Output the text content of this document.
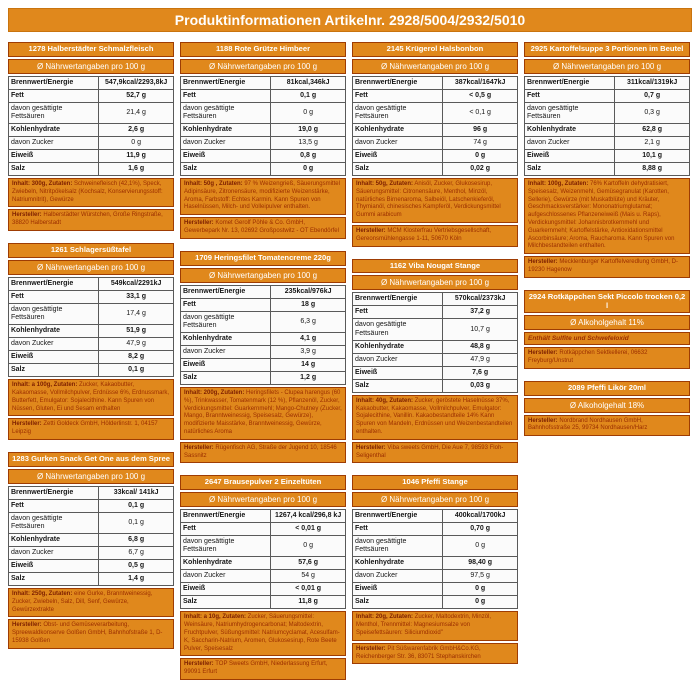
Produktinformationen Artikelnr. 2928/5004/2932/5010
1278 Halberstädter Schmalzfleisch
Ø Nährwertangaben pro 100 g
Brennwert/Energie	547,9kcal/2293,8kJ
Fett	52,7 g
davon gesättigte Fettsäuren	21,4 g
Kohlenhydrate	2,6 g
davon Zucker	0 g
Eiweiß	11,9 g
Salz	1,6 g
Inhalt: 300g, Zutaten: Schweinefleisch (42,1%), Speck, Zwiebeln, Nitritpökelsalz (Kochsalz, Konservierungsstoff: Natriumnitrit), Gewürze
Hersteller: Halberstädter Würstchen, Große Ringstraße, 38820 Halberstadt
1261 Schlagersüßtafel
Ø Nährwertangaben pro 100 g
Brennwert/Energie	549kcal/2291kJ
Fett	33,1 g
davon gesättigte Fettsäuren	17,4 g
Kohlenhydrate	51,9 g
davon Zucker	47,9 g
Eiweiß	8,2 g
Salz	0,1 g
Inhalt: a 100g, Zutaten: Zucker, Kakaobutter, Kakaomasse, Vollmilchpulver, Erdnüsse 6%, Erdnussmark, Butterfett, Emulgator: Sojalecithine. Kann Spuren von Nüssen, Gluten, Ei und Sesam enthalten
Hersteller: Zetti Goldeck GmbH, Hölderlinstr. 1, 04157 Leipzig
1283 Gurken Snack Get One aus dem Spree
Ø Nährwertangaben pro 100 g
Brennwert/Energie	33kcal/ 141kJ
Fett	0,1 g
davon gesättigte Fettsäuren	0,1 g
Kohlenhydrate	6,8 g
davon Zucker	6,7 g
Eiweiß	0,5 g
Salz	1,4 g
Inhalt: 250g, Zutaten: eine Gurke, Branntweinessig, Zucker, Zwiebeln, Salz, Dill, Senf, Gewürze, Gewürzextrakte
Hersteller: Obst- und Gemüseverarbeitung, Spreewaldkonserve Golßen GmbH, Bahnhofstraße 1, D-15938 Golßen
1188 Rote Grütze Himbeer
Ø Nährwertangaben pro 100 g
Brennwert/Energie	81kcal,346kJ
Fett	0,1 g
davon gesättigte Fettsäuren	0 g
Kohlenhydrate	19,0 g
davon Zucker	13,5 g
Eiweiß	0,8 g
Salz	0 g
Inhalt: 50g , Zutaten: 97 % Weizengrieß, Säuerungsmittel Adipinsäure, Zitronensäure, modifizierte Weizenstärke, Aroma, Farbstoff: Echtes Karmin. Kann Spuren von Haselnüssen, Milch- und Volleipulver enthalten.
Hersteller: Komet Gerolf Pöhle & Co. GmbH, Gewerbepark Nr. 13, 02692 Großpostwitz - OT Ebendörfel
1709 Heringsfilet Tomatencreme 220g
Ø Nährwertangaben pro 100 g
Brennwert/Energie	235kcal/976kJ
Fett	18 g
davon gesättigte Fettsäuren	6,3 g
Kohlenhydrate	4,1 g
davon Zucker	3,9 g
Eiweiß	14 g
Salz	1,2 g
Inhalt: 200g, Zutaten: Heringsfilets - Clupea harengus (60 %), Trinkwasser, Tomatenmark (12 %), Pflanzenöl, Zucker, Verdickungsmittel: Guarkernmehl; Mango-Chutney (Zucker, Mango, Branntweinessig, Speisesalz, Gewürze), modifizierte Maisstärke, Branntweinessig, Gewürze, natürliches Aroma
Hersteller: Rügenfisch AG, Straße der Jugend 10, 18546 Sassnitz
2647 Brausepulver 2 Einzeltüten
Ø Nährwertangaben pro 100 g
Brennwert/Energie	1267,4 kcal/296,8 kJ
Fett	< 0,01 g
davon gesättigte Fettsäuren	0 g
Kohlenhydrate	57,6 g
davon Zucker	54 g
Eiweiß	< 0,01 g
Salz	11,8 g
Inhalt: a 10g, Zutaten: Zucker, Säuerungsmittel: Weinsäure, Natriumhydrogencarbonat; Maltodextrin, Fruchtpulver, Süßungsmittel: Natriumcyclamat, Acesulfam-K, Saccharin-Natrium, Aromen, Glukosesirup, Rote Beete Pulver, Speisesalz
Hersteller: TOP Sweets GmbH, Niederlassung Erfurt, 99091 Erfurt
2145 Krügerol Halsbonbon
Ø Nährwertangaben pro 100 g
Brennwert/Energie	387kcal/1647kJ
Fett	< 0,5 g
davon gesättigte Fettsäuren	< 0,1 g
Kohlenhydrate	96 g
davon Zucker	74 g
Eiweiß	0 g
Salz	0,02 g
Inhalt: 50g, Zutaten: Anisöl, Zucker, Glukosesirup, Säuerungsmittel: Citronensäure, Menthol, Minzöl, natürliches Birnenaroma, Salbeiöl, Latschenkieferöl, Thymianöl, chinesisches Kampferöl, Verdickungsmittel Gummi arabicum
Hersteller: MCM Klosterfrau Vertriebsgesellschaft, Gereonsmühlengasse 1-11, 50670 Köln
1162 Viba Nougat Stange
Ø Nährwertangaben pro 100 g
Brennwert/Energie	570kcal/2373kJ
Fett	37,2 g
davon gesättigte Fettsäuren	10,7 g
Kohlenhydrate	48,8 g
davon Zucker	47,9 g
Eiweiß	7,6 g
Salz	0,03 g
Inhalt: 40g, Zutaten: Zucker, geröstete Haselnüsse 37%, Kakaobutter, Kakaomasse, Vollmilchpulver, Emulgator: Sojalecithine, Vanillin. Kakaobestandteile 14% Kann Spuren von Mandeln, Erdnüssen und Weizenbestandteilen enthalten.
Hersteller: Viba sweets GmbH, Die Aue 7, 98593 Floh-Seligenthal
1046 Pfeffi Stange
Ø Nährwertangaben pro 100 g
Brennwert/Energie	400kcal/1700kJ
Fett	0,70 g
davon gesättigte Fettsäuren	0 g
Kohlenhydrate	98,40 g
davon Zucker	97,5 g
Eiweiß	0 g
Salz	0 g
Inhalt: 20g, Zutaten: Zucker, Maltodextrin, Minzöl, Menthol, Trennmittel: Magnesiumsalze von Speisefettsäuren: Siliciumdioxid"
Hersteller: Pit Süßwarenfabrik GmbH&Co.KG, Reichenberger Str. 36, 83071 Stephanskirchen
2925 Kartoffelsuppe 3 Portionen im Beutel
Ø Nährwertangaben pro 100 g
Brennwert/Energie	311kcal/1319kJ
Fett	0,7 g
davon gesättigte Fettsäuren	0,3 g
Kohlenhydrate	62,8 g
davon Zucker	2,1 g
Eiweiß	10,1 g
Salz	8,88 g
Inhalt: 100g, Zutaten: 76% Kartoffeln dehydratisiert, Speisesalz, Weizenmehl, Gemüsegranulat (Karotten, Sellerie), Gewürze (mit Muskatblüte) und Kräuter, Geschmacksverstärker: Mononatriumglutamat; aufgeschlossenes Pflanzeneiweiß (Mais u. Raps), Verdickungsmittel: Johannisbrotkernmehl und Guarkernmehl; Kartoffelstärke, Antioxidationsmittel Ascorbinsäure; Aroma, Raucharoma. Kann Spuren von Milchbestandteilen enthalten.
Hersteller: Mecklenburger Kartoffelveredlung GmbH, D-19230 Hagenow
2924 Rotkäppchen Sekt Piccolo trocken 0,2 l
Ø Alkoholgehalt 11%
Enthält Sulfite und Schwefeloxid
Hersteller: Rotkäppchen Sektkellerei, 06632 Freyburg/Unstrut
2089 Pfeffi Likör 20ml
Ø Alkoholgehalt 18%
Hersteller: Nordbrand Nordhausen GmbH, Bahnhofsstraße 25, 99734 Nordhausen/Harz
